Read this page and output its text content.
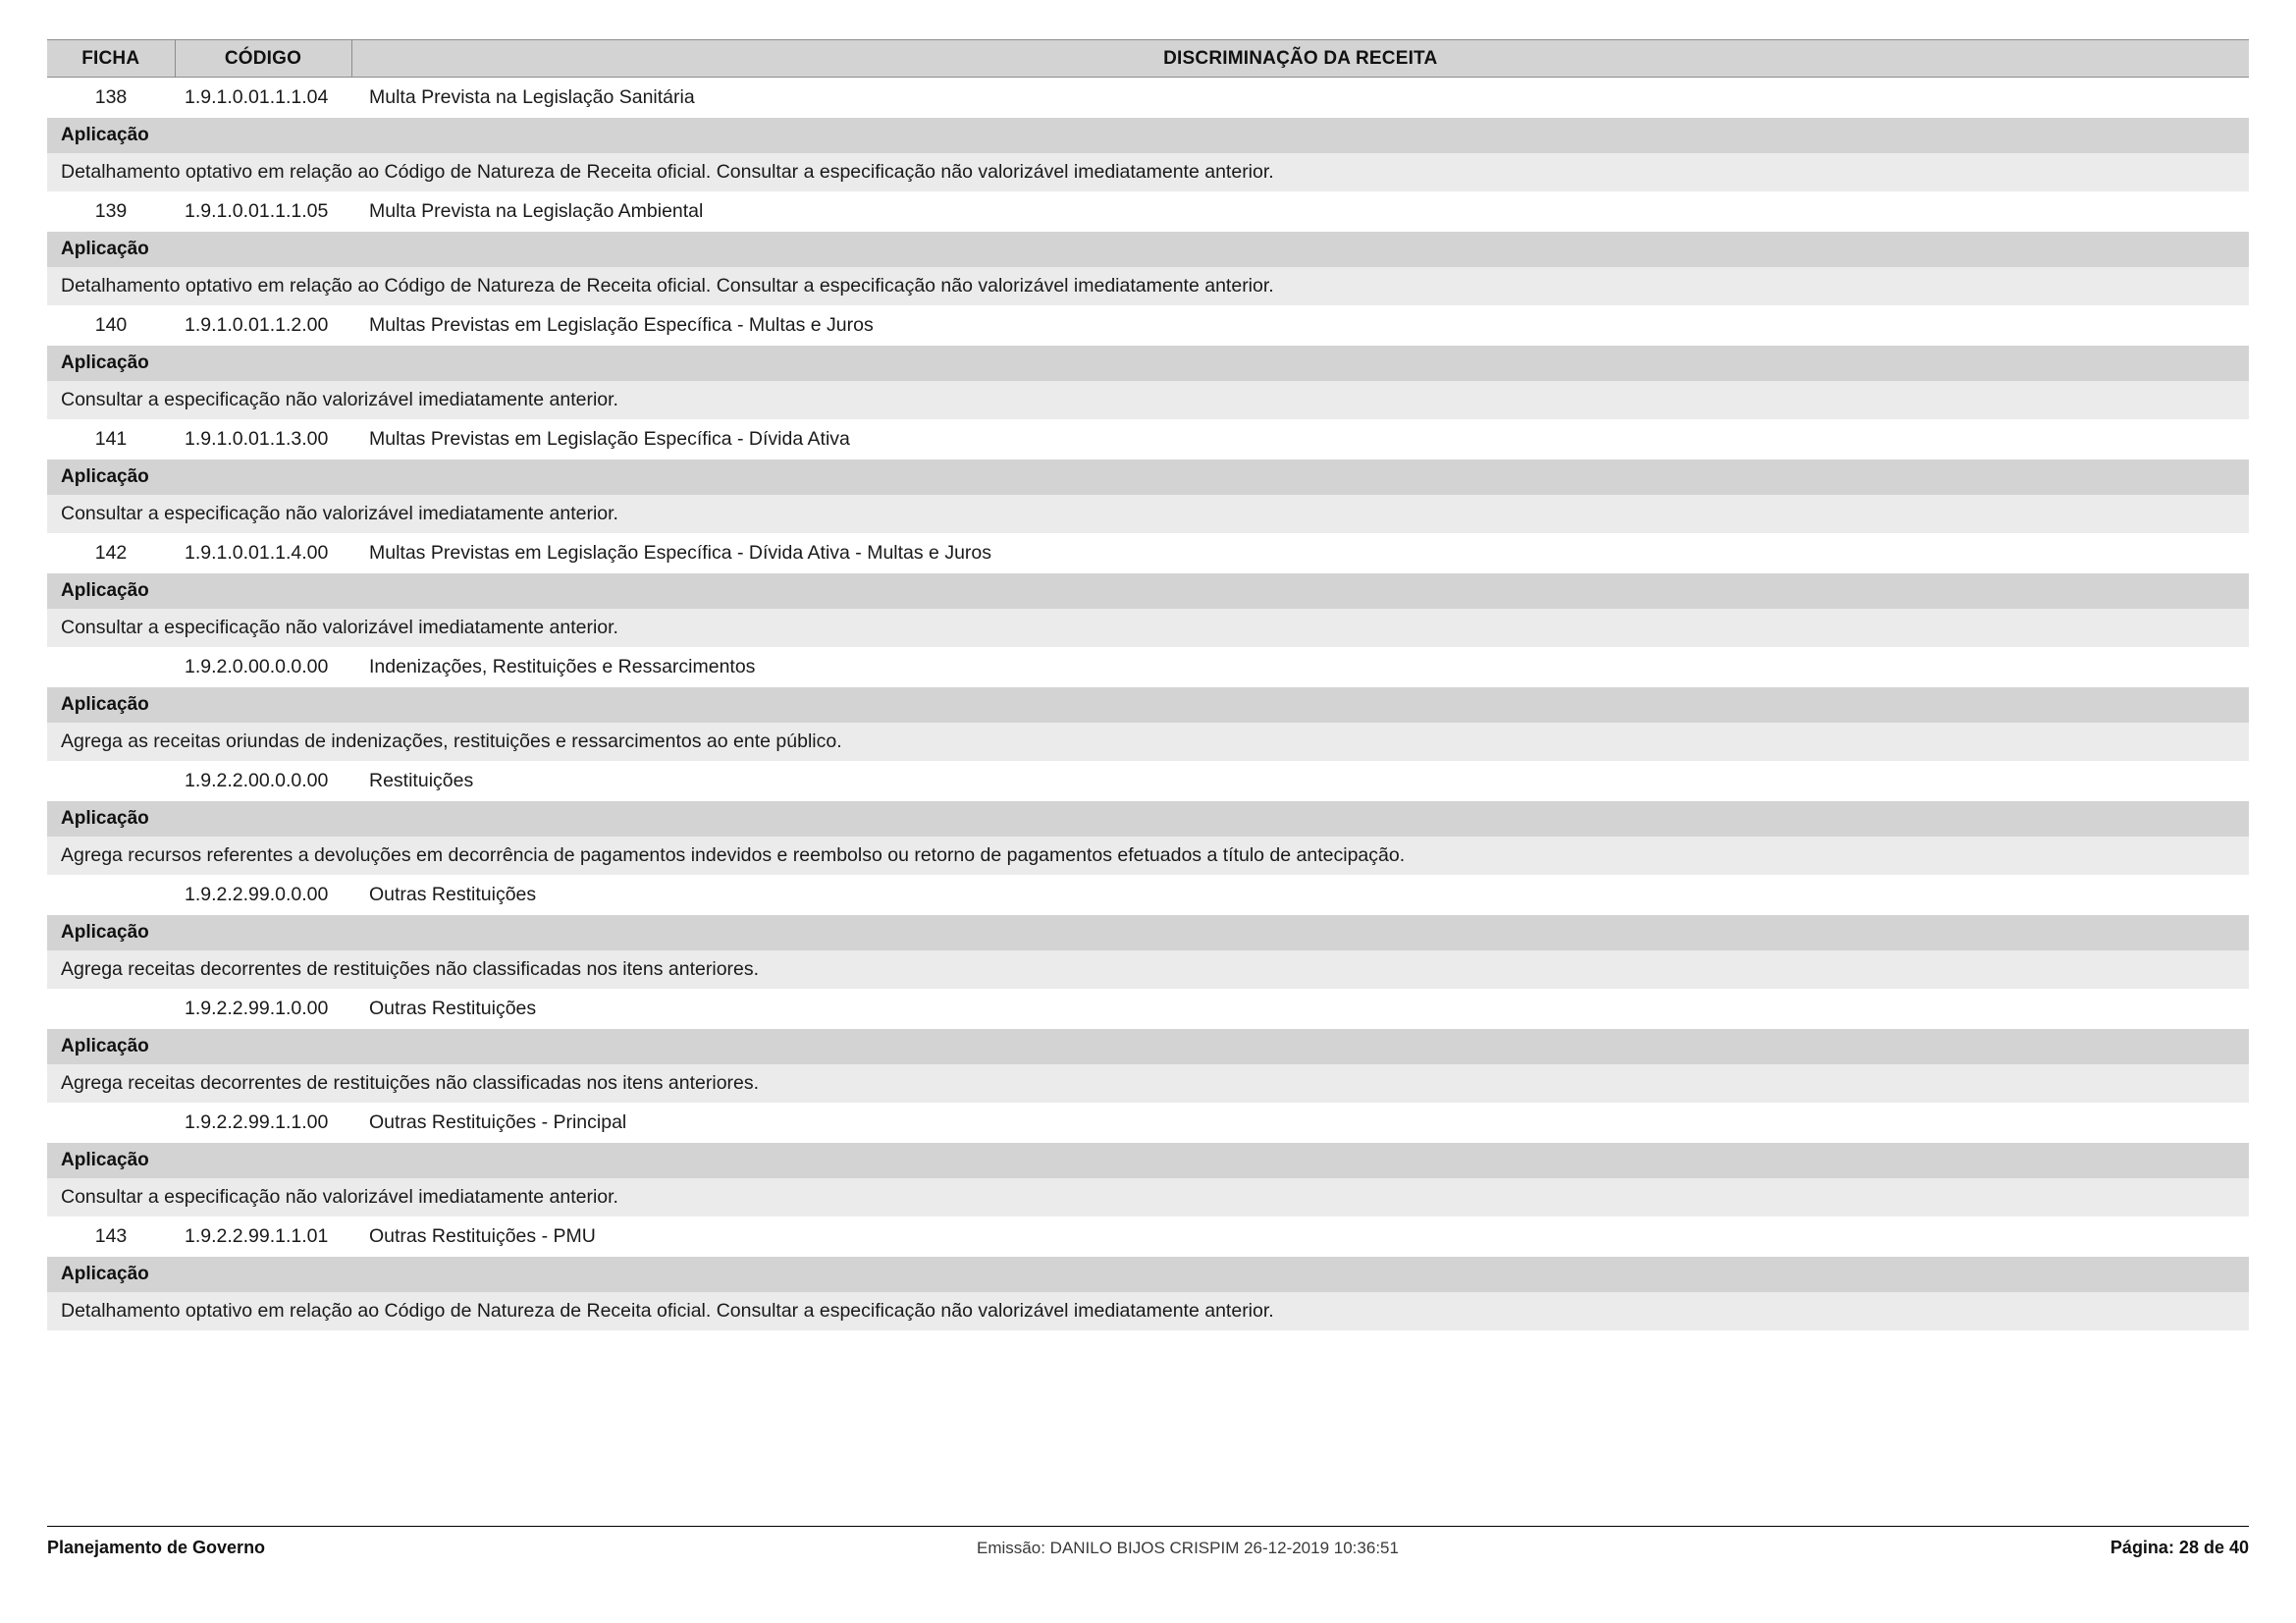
FICHA	CÓDIGO	DISCRIMINAÇÃO DA RECEITA
138	1.9.1.0.01.1.1.04	Multa Prevista na Legislação Sanitária
Aplicação		
Detalhamento optativo em relação ao Código de Natureza de Receita oficial. Consultar a especificação não valorizável imediatamente anterior.		
139	1.9.1.0.01.1.1.05	Multa Prevista na Legislação Ambiental
Aplicação		
Detalhamento optativo em relação ao Código de Natureza de Receita oficial. Consultar a especificação não valorizável imediatamente anterior.		
140	1.9.1.0.01.1.2.00	Multas Previstas em Legislação Específica - Multas e Juros
Aplicação		
Consultar a especificação não valorizável imediatamente anterior.		
141	1.9.1.0.01.1.3.00	Multas Previstas em Legislação Específica - Dívida Ativa
Aplicação		
Consultar a especificação não valorizável imediatamente anterior.		
142	1.9.1.0.01.1.4.00	Multas Previstas em Legislação Específica - Dívida Ativa - Multas e Juros
Aplicação		
Consultar a especificação não valorizável imediatamente anterior.		
	1.9.2.0.00.0.0.00	Indenizações, Restituições e Ressarcimentos
Aplicação		
Agrega as receitas oriundas de indenizações, restituições e ressarcimentos ao ente público.		
	1.9.2.2.00.0.0.00	Restituições
Aplicação		
Agrega recursos referentes a devoluções em decorrência de pagamentos indevidos e reembolso ou retorno de pagamentos efetuados a título de antecipação.		
	1.9.2.2.99.0.0.00	Outras Restituições
Aplicação		
Agrega receitas decorrentes de restituições não classificadas nos itens anteriores.		
	1.9.2.2.99.1.0.00	Outras Restituições
Aplicação		
Agrega receitas decorrentes de restituições não classificadas nos itens anteriores.		
	1.9.2.2.99.1.1.00	Outras Restituições - Principal
Aplicação		
Consultar a especificação não valorizável imediatamente anterior.		
143	1.9.2.2.99.1.1.01	Outras Restituições - PMU
Aplicação		
Detalhamento optativo em relação ao Código de Natureza de Receita oficial. Consultar a especificação não valorizável imediatamente anterior.		
Planejamento de Governo	Emissão: DANILO BIJOS CRISPIM 26-12-2019 10:36:51	Página: 28 de 40
